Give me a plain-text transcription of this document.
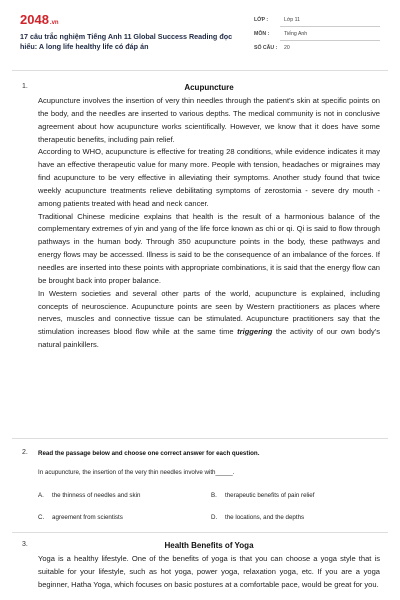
2048.vn
17 câu trắc nghiệm Tiếng Anh 11 Global Success Reading đọc hiểu: A long life healthy life có đáp án
LỚP :	Lớp 11
MÔN :	Tiếng Anh
SỐ CÂU : 20
1.	Acupuncture

Acupuncture involves the insertion of very thin needles through the patient's skin at specific points on the body, and the needles are inserted to various depths. The medical community is not in conclusive agreement about how acupuncture works scientifically. However, we know that it does have some therapeutic benefits, including pain relief.

According to WHO, acupuncture is effective for treating 28 conditions, while evidence indicates it may have an effective therapeutic value for many more. People with tension, headaches or migraines may find acupuncture to be very effective in alleviating their symptoms. Another study found that twice weekly acupuncture treatments relieve debilitating symptoms of zerostomia - severe dry mouth - among patients treated with head and neck cancer.

Traditional Chinese medicine explains that health is the result of a harmonious balance of the complementary extremes of yin and yang of the life force known as chi or qi. Qi is said to flow through pathways in the human body. Through 350 acupuncture points in the body, these pathways and energy flows may be accessed. Illness is said to be the consequence of an imbalance of the forces. If needles are inserted into these points with appropriate combinations, it is said that the energy flow can be brought back into proper balance.

In Western societies and several other parts of the world, acupuncture is explained, including concepts of neuroscience. Acupuncture points are seen by Western practitioners as places where nerves, muscles and connective tissue can be stimulated. Acupuncture practitioners say that the stimulation increases blood flow while at the same time triggering the activity of our own body's natural painkillers.

2. Read the passage below and choose one correct answer for each question.
In acupuncture, the insertion of the very thin needles involve with_____.
A. the thinness of needles and skin	B. therapeutic benefits of pain relief
C. agreement from scientists	D. the locations, and the depths
3.	Health Benefits of Yoga

Yoga is a healthy lifestyle. One of the benefits of yoga is that you can choose a yoga style that is suitable for your lifestyle, such as hot yoga, power yoga, relaxation yoga, etc. If you are a yoga beginner, Hatha Yoga, which focuses on basic postures at a comfortable pace, would be great for you.
